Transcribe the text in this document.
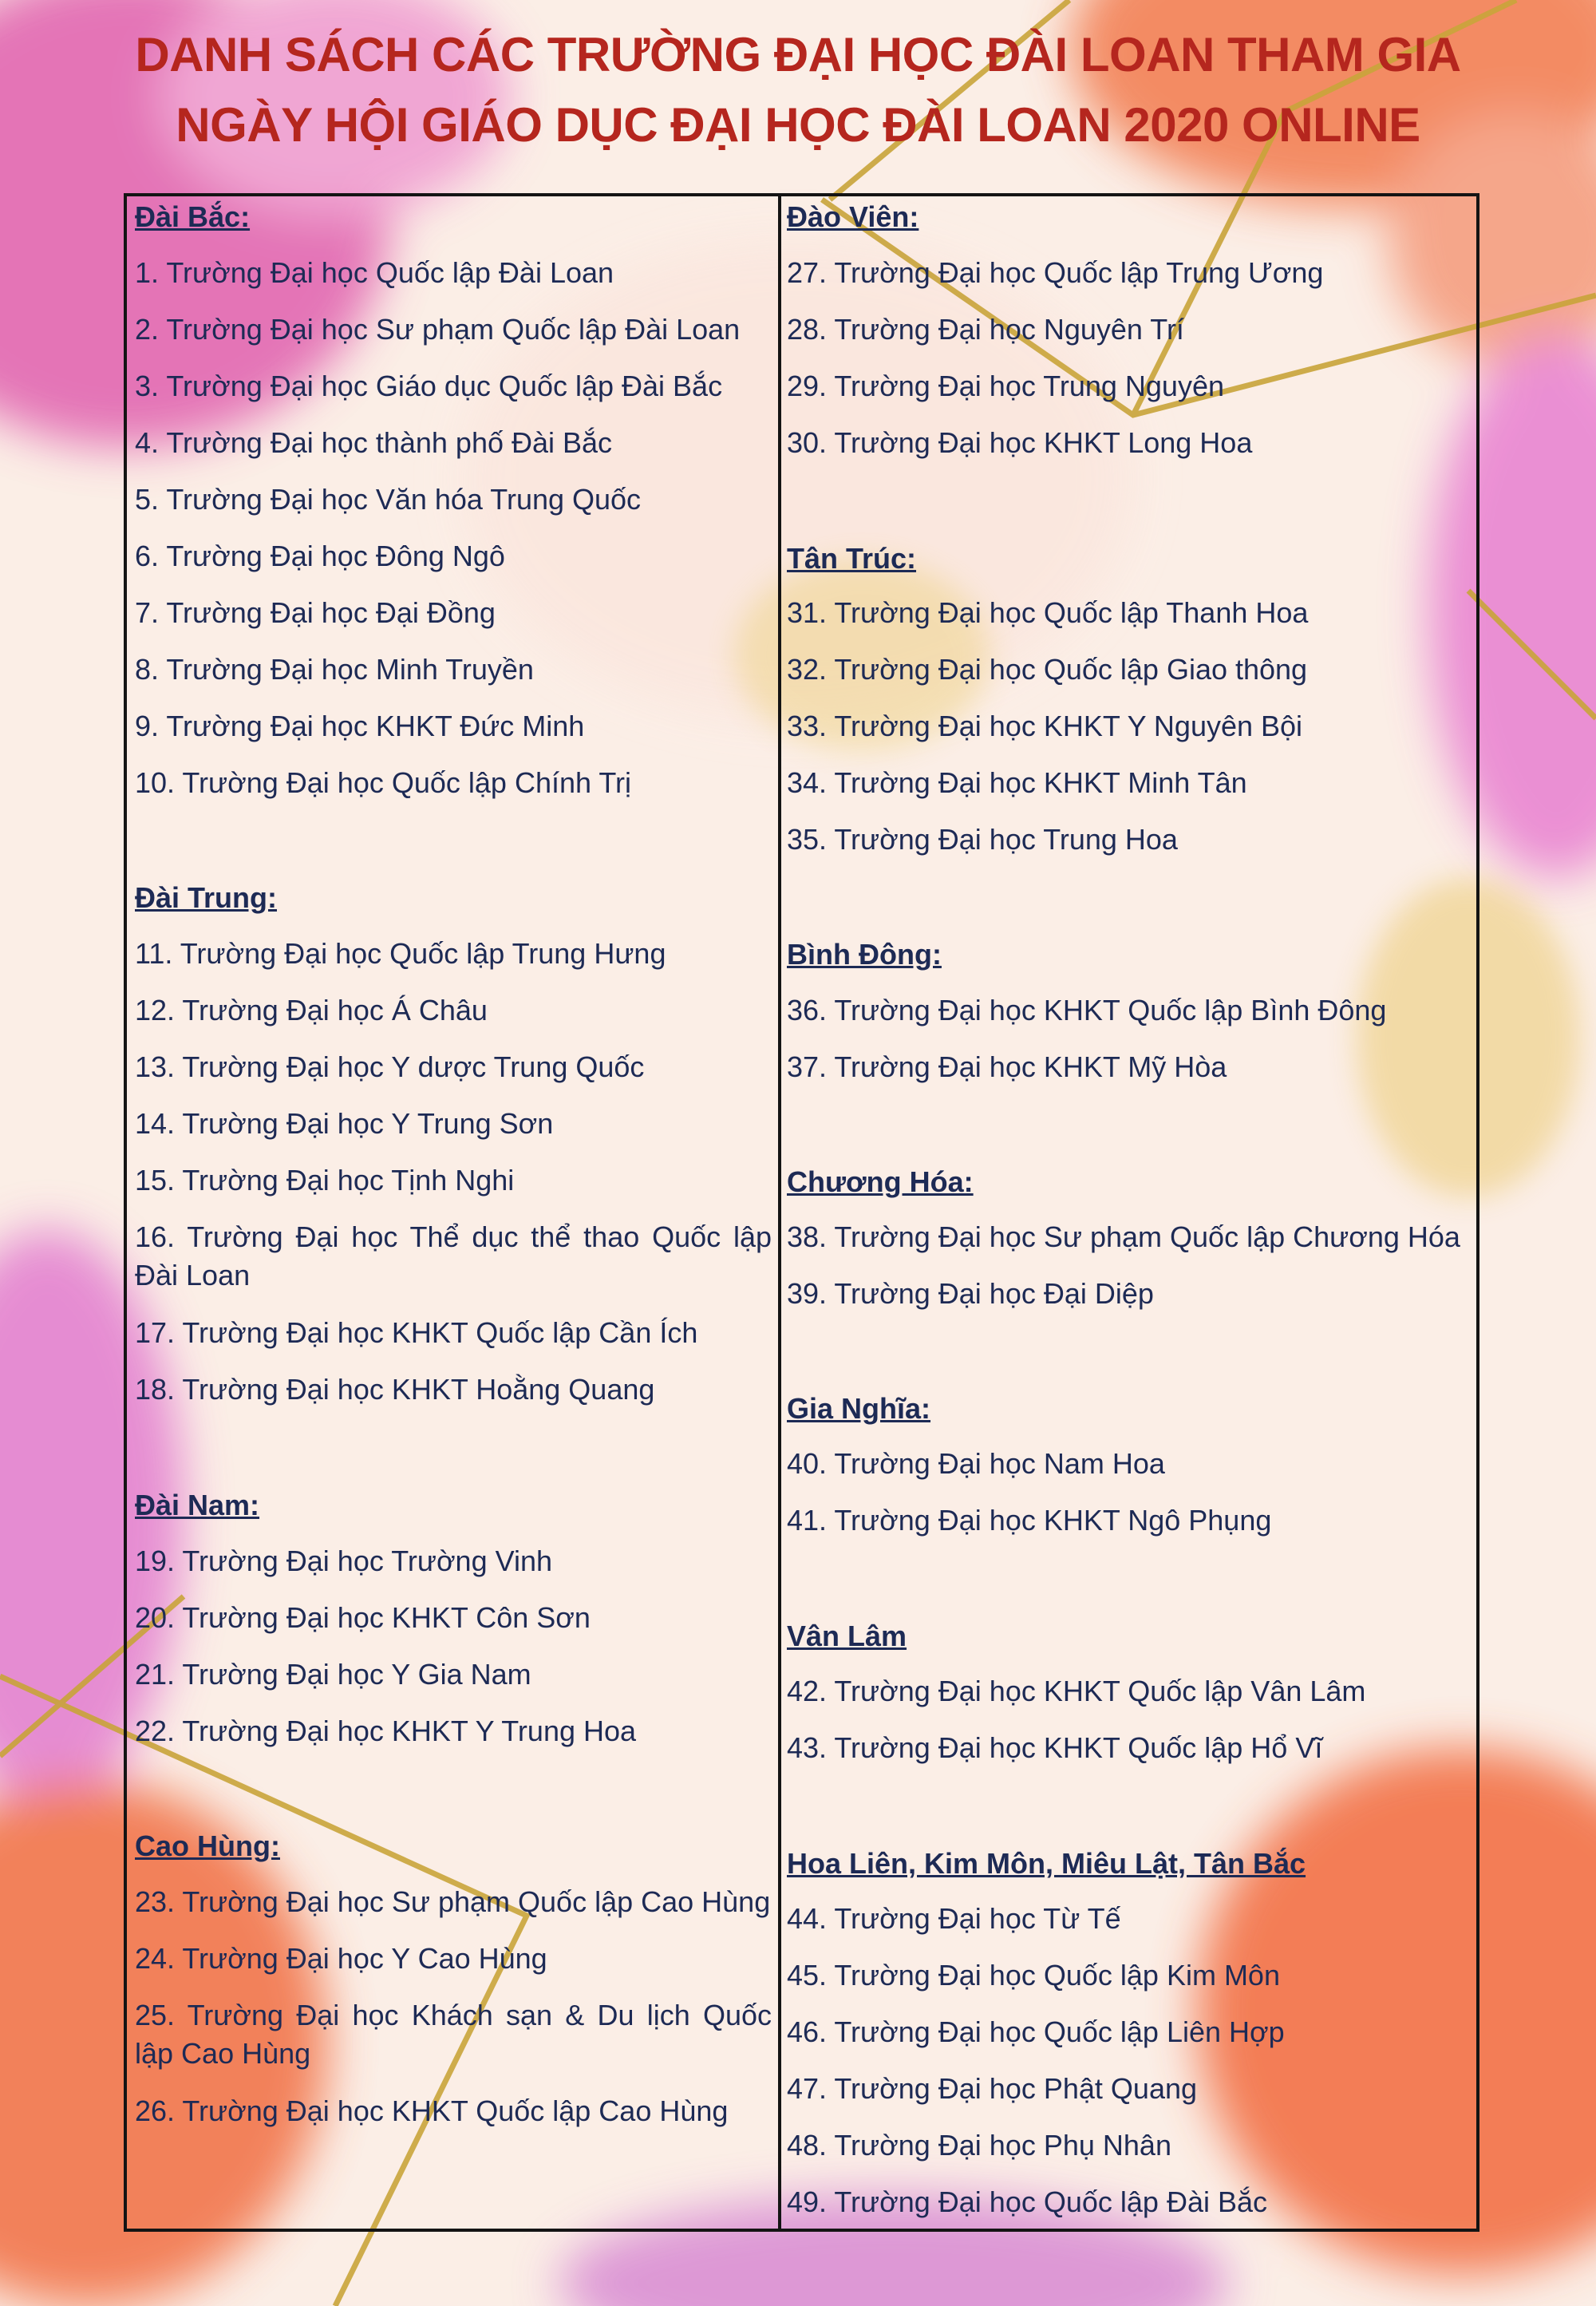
DANH SÁCH CÁC TRƯỜNG ĐẠI HỌC ĐÀI LOAN THAM GIA
NGÀY HỘI GIÁO DỤC ĐẠI HỌC ĐÀI LOAN 2020 ONLINE
Đài Bắc:
1. Trường Đại học Quốc lập Đài Loan
2. Trường Đại học Sư phạm Quốc lập Đài Loan
3. Trường Đại học Giáo dục Quốc lập Đài Bắc
4. Trường Đại học thành phố Đài Bắc
5. Trường Đại học Văn hóa Trung Quốc
6. Trường Đại học Đông Ngô
7. Trường Đại học Đại Đồng
8. Trường Đại học Minh Truyền
9. Trường Đại học KHKT Đức Minh
10. Trường Đại học Quốc lập Chính Trị
Đài Trung:
11. Trường Đại học Quốc lập Trung Hưng
12. Trường Đại học Á Châu
13. Trường Đại học Y dược Trung Quốc
14. Trường Đại học Y Trung Sơn
15. Trường Đại học Tịnh Nghi
16. Trường Đại học Thể dục thể thao Quốc lập Đài Loan
17. Trường Đại học KHKT Quốc lập Cần Ích
18. Trường Đại học KHKT Hoằng Quang
Đài Nam:
19. Trường Đại học Trường Vinh
20. Trường Đại học KHKT Côn Sơn
21. Trường Đại học Y Gia Nam
22. Trường Đại học KHKT Y Trung Hoa
Cao Hùng:
23. Trường Đại học Sư phạm Quốc lập Cao Hùng
24. Trường Đại học Y Cao Hùng
25. Trường Đại học Khách sạn & Du lịch Quốc lập Cao Hùng
26. Trường Đại học KHKT Quốc lập Cao Hùng
Đào Viên:
27. Trường Đại học Quốc lập Trung Ương
28. Trường Đại học Nguyên Trí
29. Trường Đại học Trung Nguyên
30. Trường Đại học KHKT Long Hoa
Tân Trúc:
31. Trường Đại học Quốc lập Thanh Hoa
32. Trường Đại học Quốc lập Giao thông
33. Trường Đại học KHKT Y Nguyên Bội
34. Trường Đại học KHKT Minh Tân
35. Trường Đại học Trung Hoa
Bình Đông:
36. Trường Đại học KHKT Quốc lập Bình Đông
37. Trường Đại học KHKT Mỹ Hòa
Chương Hóa:
38. Trường Đại học Sư phạm Quốc lập Chương Hóa
39. Trường Đại học Đại Diệp
Gia Nghĩa:
40. Trường Đại học Nam Hoa
41. Trường Đại học KHKT Ngô Phụng
Vân Lâm
42. Trường Đại học KHKT Quốc lập Vân Lâm
43. Trường Đại học KHKT Quốc lập Hổ Vĩ
Hoa Liên, Kim Môn, Miêu Lật, Tân Bắc
44. Trường Đại học Từ Tế
45. Trường Đại học Quốc lập Kim Môn
46. Trường Đại học Quốc lập Liên Hợp
47. Trường Đại học Phật Quang
48. Trường Đại học Phụ Nhân
49. Trường Đại học Quốc lập Đài Bắc
